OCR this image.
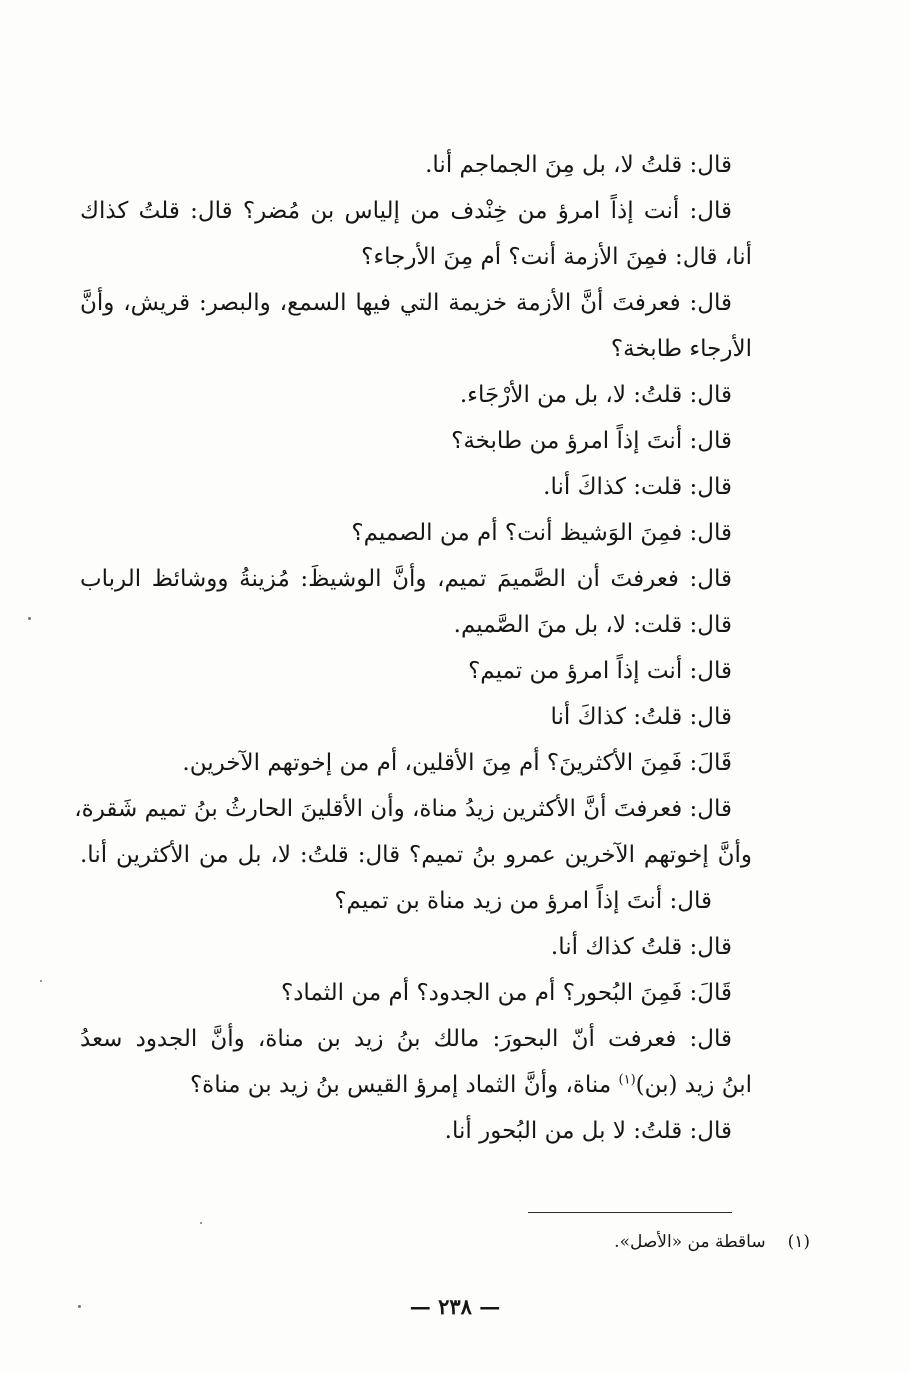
قال: قلتُ لا، بل مِنَ الجماجم أنا.
قال: أنت إذاً امرؤ من خِنْدف من إلياس بن مُضر؟ قال: قلتُ كذاك
أنا، قال: فمِنَ الأزمة أنت؟ أم مِنَ الأرجاء؟
قال: فعرفتَ أنَّ الأزمة خزيمة التي فيها السمع، والبصر: قريش، وأنَّ
الأرجاء طابخة؟
قال: قلتُ: لا، بل من الأرْجَاء.
قال: أنتَ إذاً امرؤ من طابخة؟
قال: قلت: كذاكَ أنا.
قال: فمِنَ الوَشيظ أنت؟ أم من الصميم؟
قال: فعرفتَ أن الصَّميمَ تميم، وأنَّ الوشيظَ: مُزينةُ ووشائظ الرباب
قال: قلت: لا، بل منَ الصَّميم.
قال: أنت إذاً امرؤ من تميم؟
قال: قلتُ: كذاكَ أنا
قَالَ: فَمِنَ الأكثرينَ؟ أم مِنَ الأقلين، أم من إخوتهم الآخرين.
قال: فعرفتَ أنَّ الأكثرين زيدُ مناة، وأن الأقلينَ الحارثُ بنُ تميم شَقرة،
وأنَّ إخوتهم الآخرين عمرو بنُ تميم؟ قال: قلتُ: لا، بل من الأكثرين أنا.
قال: أنتَ إذاً امرؤ من زيد مناة بن تميم؟
قال: قلتُ كذاك أنا.
قَالَ: فَمِنَ البُحور؟ أم من الجدود؟ أم من الثماد؟
قال: فعرفت أنّ البحورَ: مالك بنُ زيد بن مناة، وأنَّ الجدود سعدُ
ابنُ زيد (بن)$^{(١)}$ مناة، وأنَّ الثماد إمرؤ القيس بنُ زيد بن مناة؟
قال: قلتُ: لا بل من البُحور أنا.
(١)ساقطة من «الأصل».
— ٢٣٨ —
